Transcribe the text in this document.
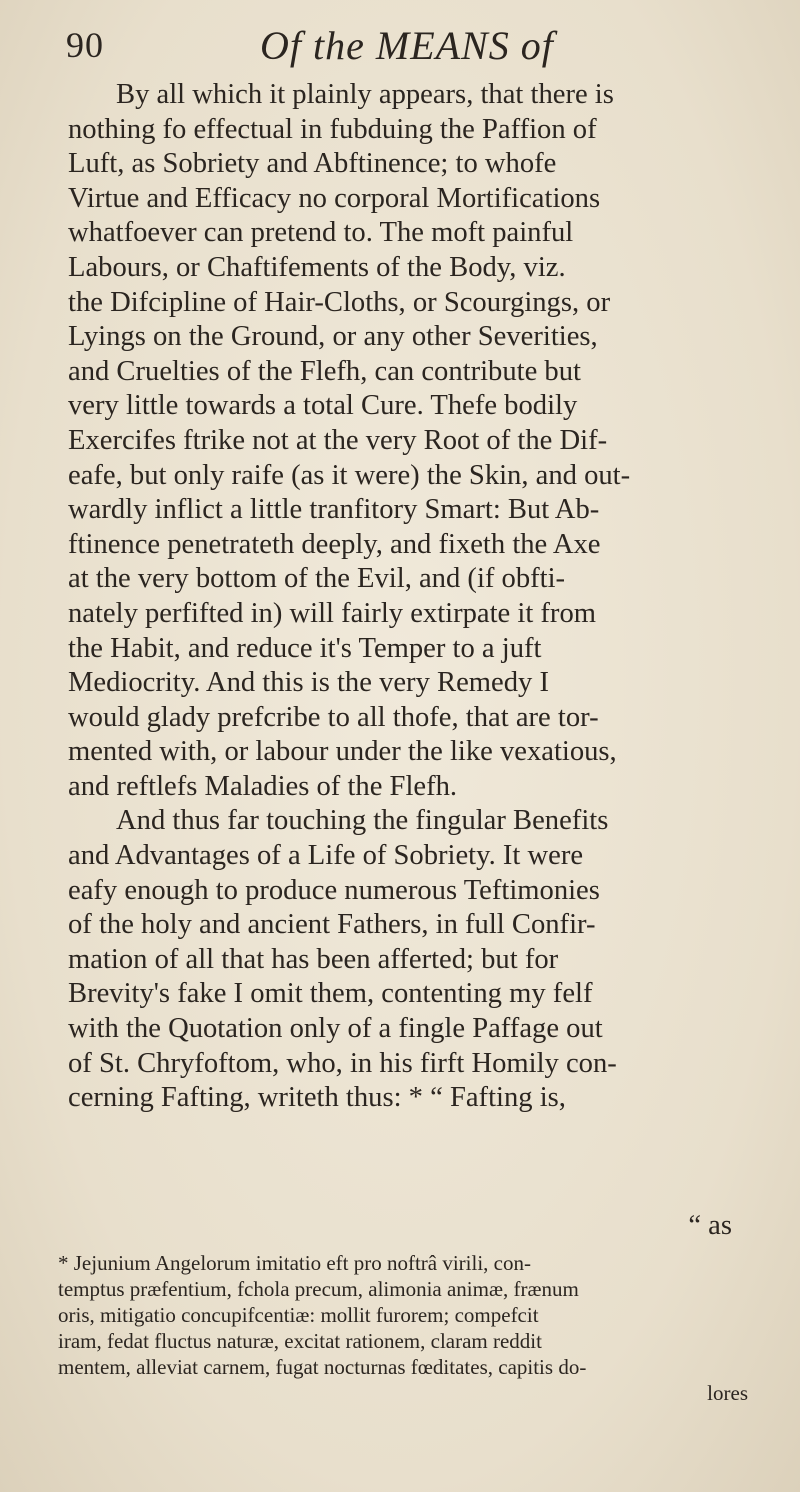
90	Of the MEANS of
By all which it plainly appears, that there is
nothing fo effectual in fubduing the Paffion of
Luft, as Sobriety and Abftinence; to whofe
Virtue and Efficacy no corporal Mortifications
whatfoever can pretend to. The moft painful
Labours, or Chaftifements of the Body, viz.
the Difcipline of Hair-Cloths, or Scourgings, or
Lyings on the Ground, or any other Severities,
and Cruelties of the Flefh, can contribute but
very little towards a total Cure. Thefe bodily
Exercifes ftrike not at the very Root of the Dif-
eafe, but only raife (as it were) the Skin, and out-
wardly inflict a little tranfitory Smart: But Ab-
ftinence penetrateth deeply, and fixeth the Axe
at the very bottom of the Evil, and (if obfti-
nately perfifted in) will fairly extirpate it from
the Habit, and reduce it's Temper to a juft
Mediocrity. And this is the very Remedy I
would glady prefcribe to all thofe, that are tor-
mented with, or labour under the like vexatious,
and reftlefs Maladies of the Flefh.
And thus far touching the fingular Benefits
and Advantages of a Life of Sobriety. It were
eafy enough to produce numerous Teftimonies
of the holy and ancient Fathers, in full Confir-
mation of all that has been afferted; but for
Brevity's fake I omit them, contenting my felf
with the Quotation only of a fingle Paffage out
of St. Chryfoftom, who, in his firft Homily con-
cerning Fafting, writeth thus: * “ Fafting is,
“ as
* Jejunium Angelorum imitatio eft pro noftrâ virili, con-
temptus præfentium, fchola precum, alimonia animæ, frænum
oris, mitigatio concupifcentiæ: mollit furorem; compefcit
iram, fedat fluctus naturæ, excitat rationem, claram reddit
mentem, alleviat carnem, fugat nocturnas fœditates, capitis do-
lores
